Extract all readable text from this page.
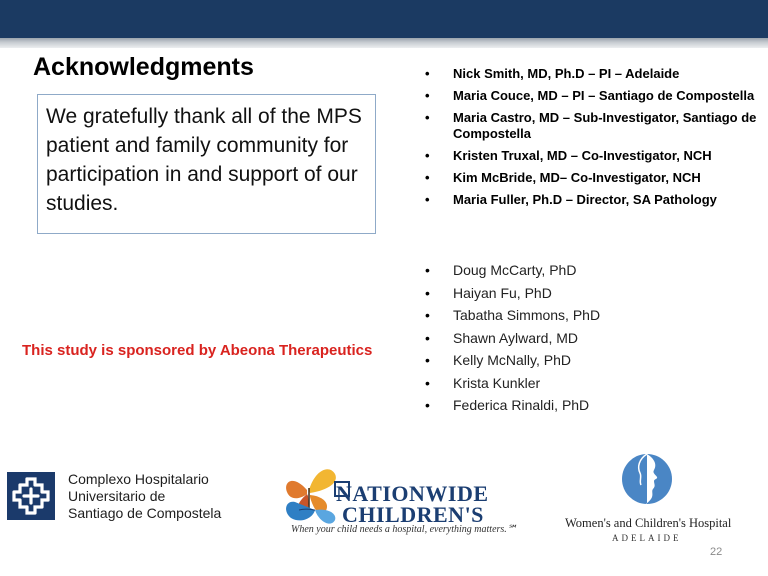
Acknowledgments

We gratefully thank all of the MPS patient and family community for participation in and support of our studies.

This study is sponsored by Abeona Therapeutics
• Nick Smith, MD, Ph.D – PI – Adelaide
• Maria Couce, MD – PI – Santiago de Compostella
• Maria Castro, MD – Sub-Investigator, Santiago de Compostella
• Kristen Truxal, MD – Co-Investigator, NCH
• Kim McBride, MD– Co-Investigator, NCH
• Maria Fuller, Ph.D – Director, SA Pathology
• Doug McCarty, PhD
• Haiyan Fu, PhD
• Tabatha Simmons, PhD
• Shawn Aylward, MD
• Kelly McNally, PhD
• Krista Kunkler
• Federica Rinaldi, PhD
Complexo Hospitalario
Universitario de
Santiago de Compostela
NATIONWIDE
CHILDREN'S
When your child needs a hospital, everything matters.℠	Women's and Children's Hospital
ADELAIDE
22
